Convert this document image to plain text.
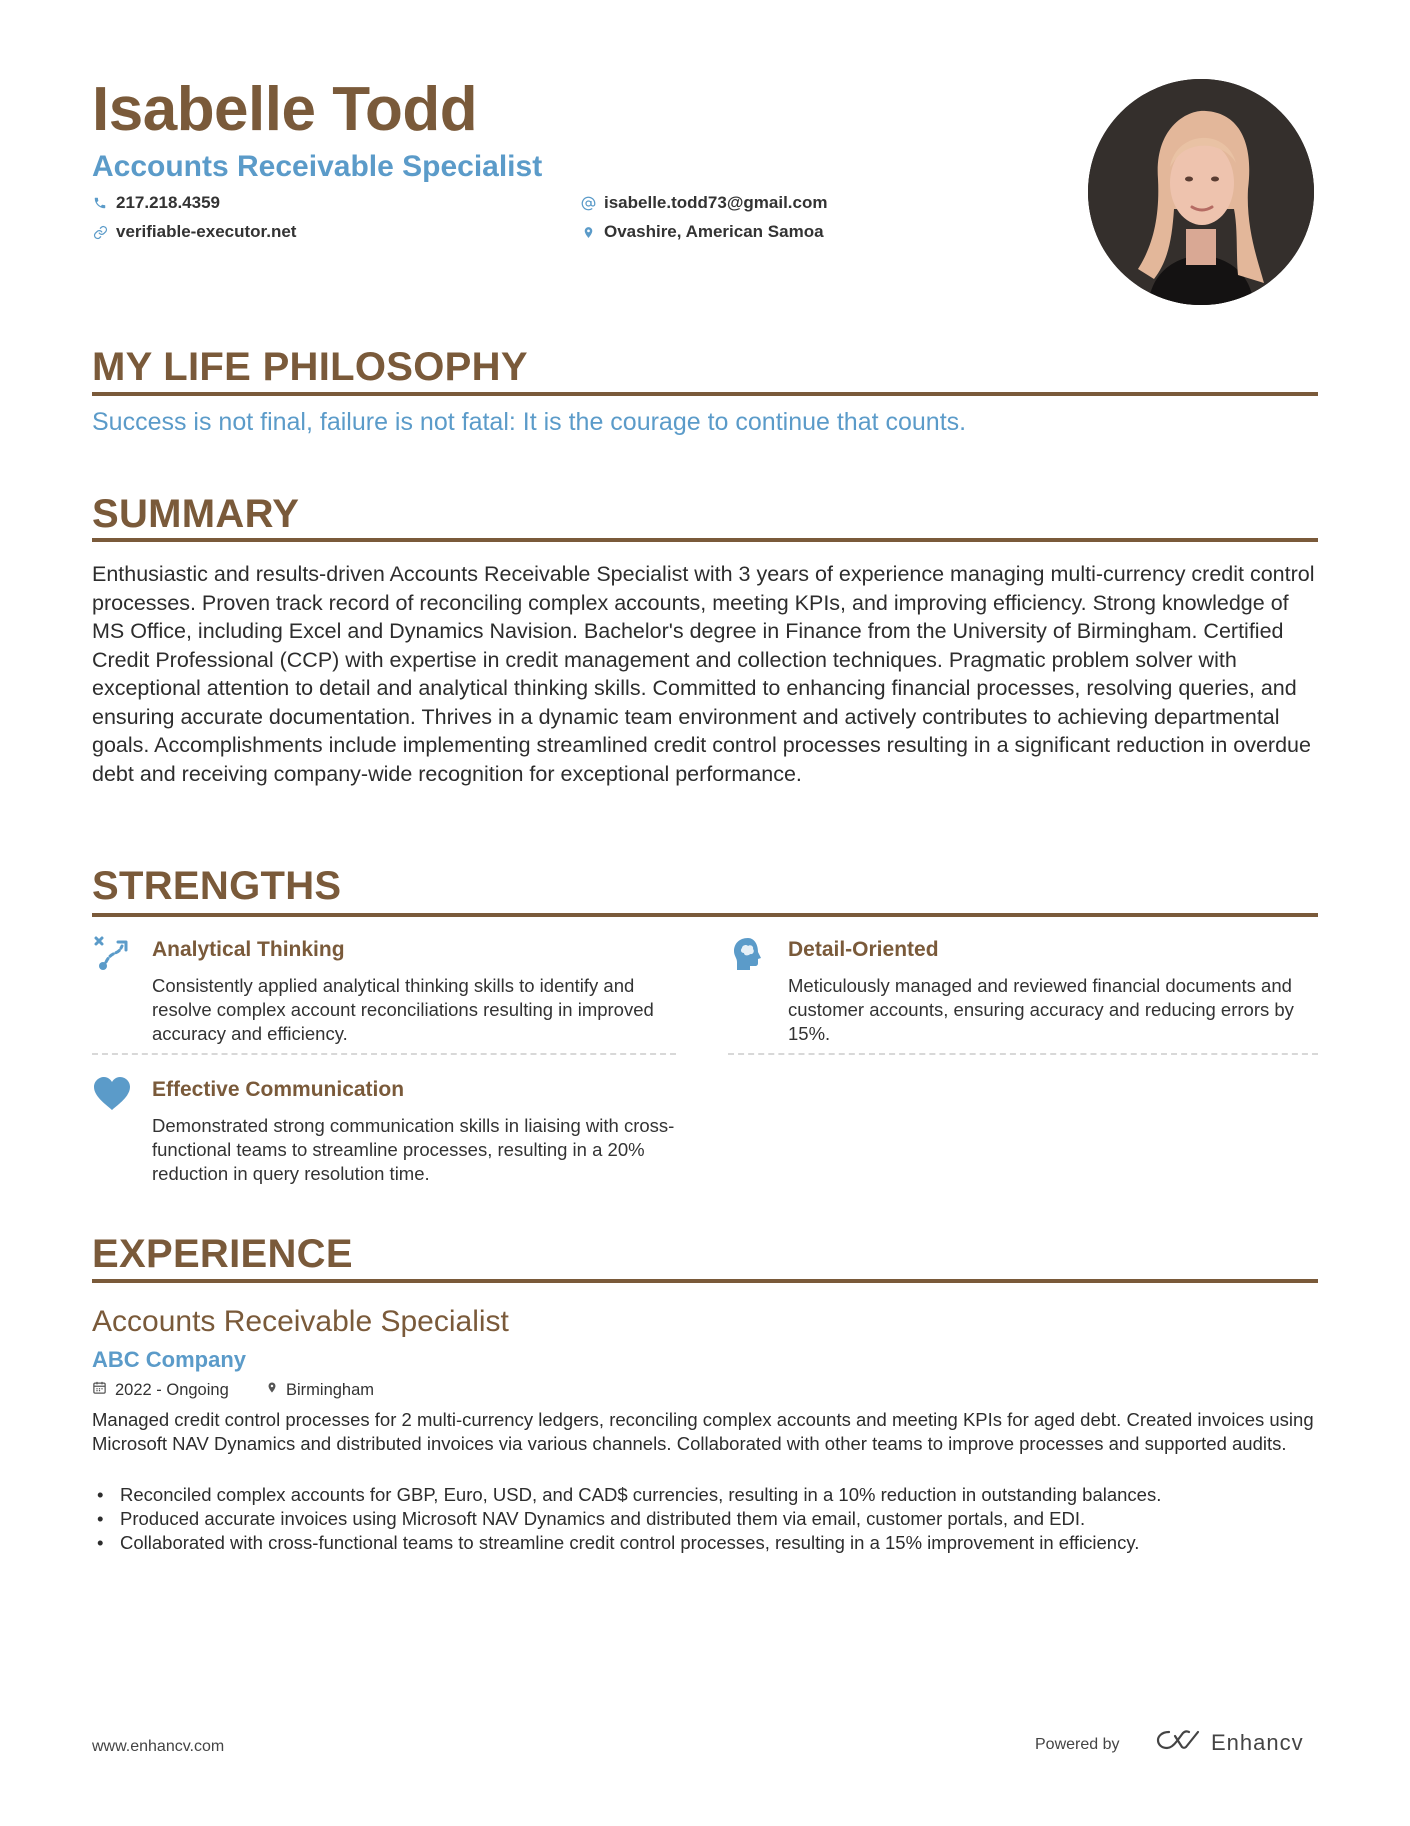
Isabelle Todd
Accounts Receivable Specialist
217.218.4359	isabelle.todd73@gmail.com
verifiable-executor.net	Ovashire, American Samoa
MY LIFE PHILOSOPHY
Success is not final, failure is not fatal: It is the courage to continue that counts.
SUMMARY
Enthusiastic and results-driven Accounts Receivable Specialist with 3 years of experience managing multi-currency credit control processes. Proven track record of reconciling complex accounts, meeting KPIs, and improving efficiency. Strong knowledge of MS Office, including Excel and Dynamics Navision. Bachelor's degree in Finance from the University of Birmingham. Certified Credit Professional (CCP) with expertise in credit management and collection techniques. Pragmatic problem solver with exceptional attention to detail and analytical thinking skills. Committed to enhancing financial processes, resolving queries, and ensuring accurate documentation. Thrives in a dynamic team environment and actively contributes to achieving departmental goals. Accomplishments include implementing streamlined credit control processes resulting in a significant reduction in overdue debt and receiving company-wide recognition for exceptional performance.
STRENGTHS
Analytical Thinking
Consistently applied analytical thinking skills to identify and resolve complex account reconciliations resulting in improved accuracy and efficiency.
Detail-Oriented
Meticulously managed and reviewed financial documents and customer accounts, ensuring accuracy and reducing errors by 15%.
Effective Communication
Demonstrated strong communication skills in liaising with cross-functional teams to streamline processes, resulting in a 20% reduction in query resolution time.
EXPERIENCE
Accounts Receivable Specialist
ABC Company
2022 - Ongoing	Birmingham
Managed credit control processes for 2 multi-currency ledgers, reconciling complex accounts and meeting KPIs for aged debt. Created invoices using Microsoft NAV Dynamics and distributed invoices via various channels. Collaborated with other teams to improve processes and supported audits.
• Reconciled complex accounts for GBP, Euro, USD, and CAD$ currencies, resulting in a 10% reduction in outstanding balances.
• Produced accurate invoices using Microsoft NAV Dynamics and distributed them via email, customer portals, and EDI.
• Collaborated with cross-functional teams to streamline credit control processes, resulting in a 15% improvement in efficiency.
www.enhancv.com	Powered by	Enhancv
